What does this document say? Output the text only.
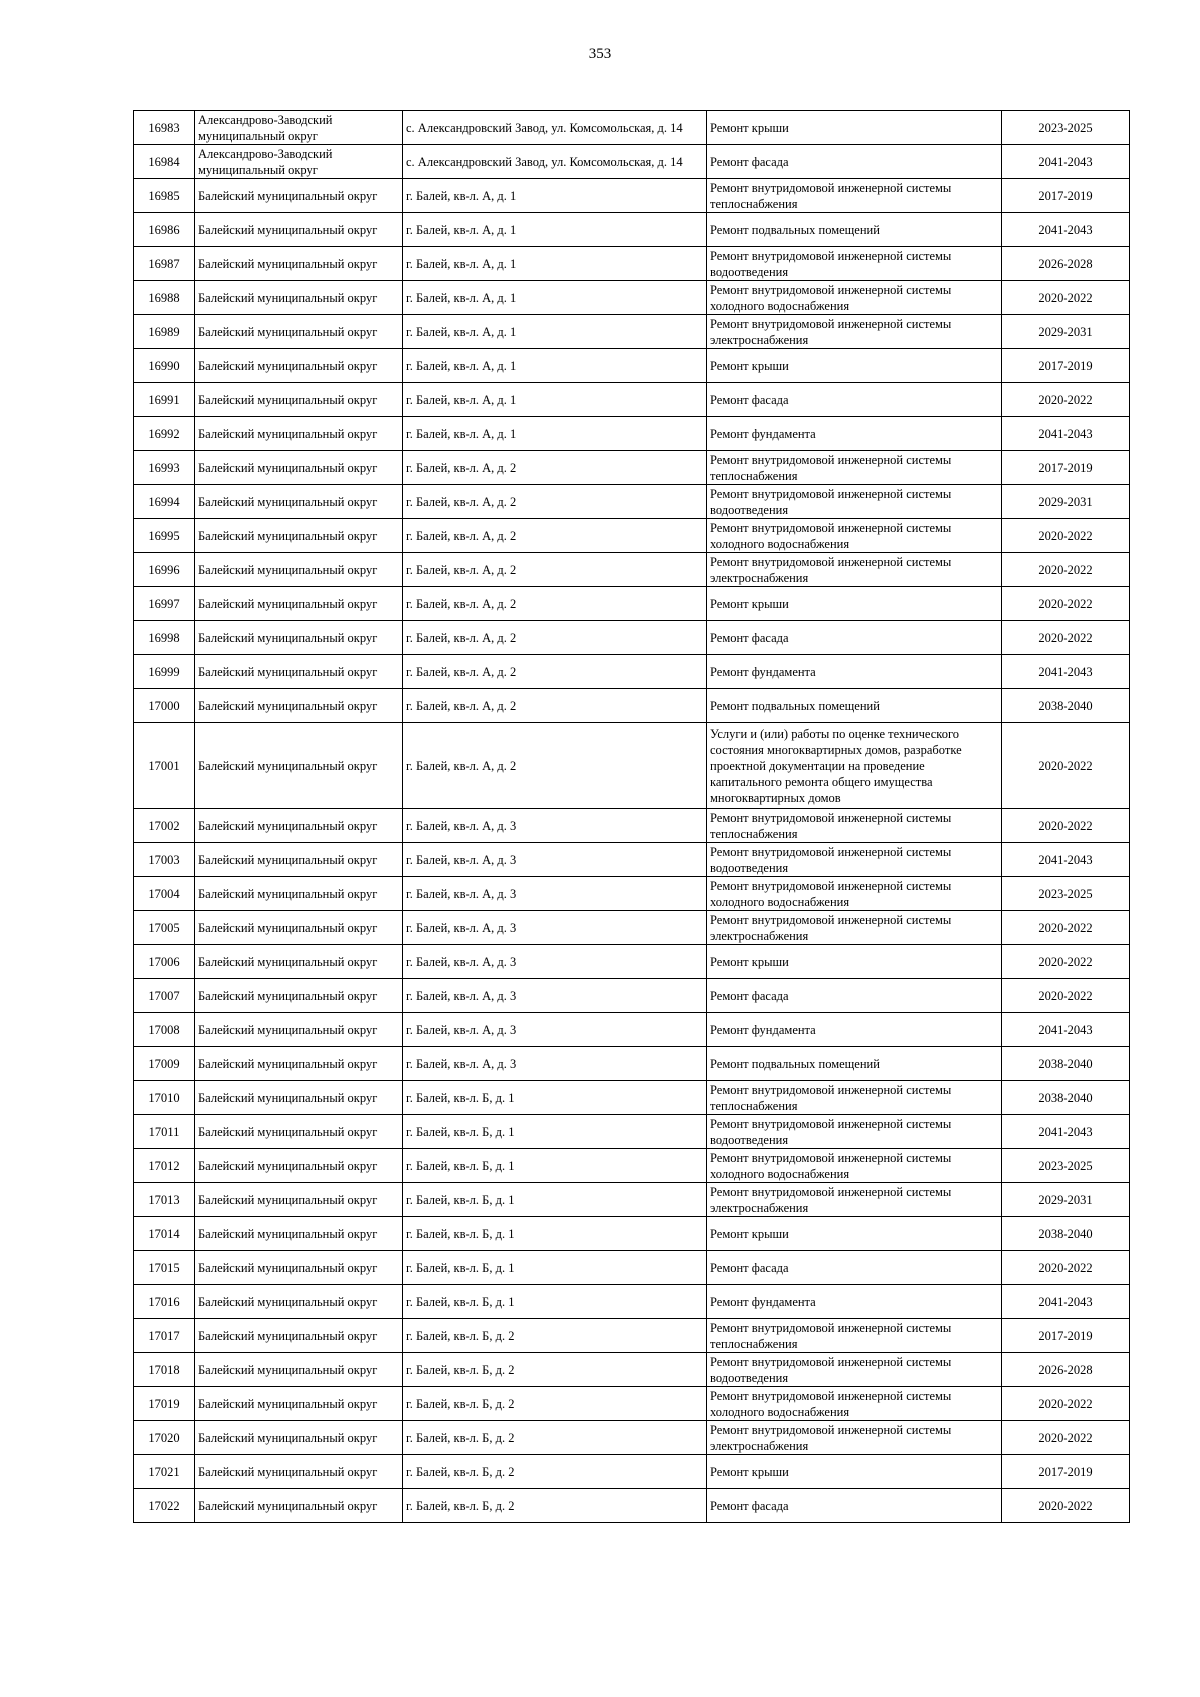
353
16983	Александрово-Заводский муниципальный округ	с. Александровский Завод, ул. Комсомольская, д. 14	Ремонт крыши	2023-2025
16984	Александрово-Заводский муниципальный округ	с. Александровский Завод, ул. Комсомольская, д. 14	Ремонт фасада	2041-2043
16985	Балейский муниципальный округ	г. Балей, кв-л. А, д. 1	Ремонт внутридомовой инженерной системы теплоснабжения	2017-2019
16986	Балейский муниципальный округ	г. Балей, кв-л. А, д. 1	Ремонт подвальных помещений	2041-2043
16987	Балейский муниципальный округ	г. Балей, кв-л. А, д. 1	Ремонт внутридомовой инженерной системы водоотведения	2026-2028
16988	Балейский муниципальный округ	г. Балей, кв-л. А, д. 1	Ремонт внутридомовой инженерной системы холодного водоснабжения	2020-2022
16989	Балейский муниципальный округ	г. Балей, кв-л. А, д. 1	Ремонт внутридомовой инженерной системы электроснабжения	2029-2031
16990	Балейский муниципальный округ	г. Балей, кв-л. А, д. 1	Ремонт крыши	2017-2019
16991	Балейский муниципальный округ	г. Балей, кв-л. А, д. 1	Ремонт фасада	2020-2022
16992	Балейский муниципальный округ	г. Балей, кв-л. А, д. 1	Ремонт фундамента	2041-2043
16993	Балейский муниципальный округ	г. Балей, кв-л. А, д. 2	Ремонт внутридомовой инженерной системы теплоснабжения	2017-2019
16994	Балейский муниципальный округ	г. Балей, кв-л. А, д. 2	Ремонт внутридомовой инженерной системы водоотведения	2029-2031
16995	Балейский муниципальный округ	г. Балей, кв-л. А, д. 2	Ремонт внутридомовой инженерной системы холодного водоснабжения	2020-2022
16996	Балейский муниципальный округ	г. Балей, кв-л. А, д. 2	Ремонт внутридомовой инженерной системы электроснабжения	2020-2022
16997	Балейский муниципальный округ	г. Балей, кв-л. А, д. 2	Ремонт крыши	2020-2022
16998	Балейский муниципальный округ	г. Балей, кв-л. А, д. 2	Ремонт фасада	2020-2022
16999	Балейский муниципальный округ	г. Балей, кв-л. А, д. 2	Ремонт фундамента	2041-2043
17000	Балейский муниципальный округ	г. Балей, кв-л. А, д. 2	Ремонт подвальных помещений	2038-2040
17001	Балейский муниципальный округ	г. Балей, кв-л. А, д. 2	Услуги и (или) работы по оценке технического состояния многоквартирных домов, разработке проектной документации на проведение капитального ремонта общего имущества многоквартирных домов	2020-2022
17002	Балейский муниципальный округ	г. Балей, кв-л. А, д. 3	Ремонт внутридомовой инженерной системы теплоснабжения	2020-2022
17003	Балейский муниципальный округ	г. Балей, кв-л. А, д. 3	Ремонт внутридомовой инженерной системы водоотведения	2041-2043
17004	Балейский муниципальный округ	г. Балей, кв-л. А, д. 3	Ремонт внутридомовой инженерной системы холодного водоснабжения	2023-2025
17005	Балейский муниципальный округ	г. Балей, кв-л. А, д. 3	Ремонт внутридомовой инженерной системы электроснабжения	2020-2022
17006	Балейский муниципальный округ	г. Балей, кв-л. А, д. 3	Ремонт крыши	2020-2022
17007	Балейский муниципальный округ	г. Балей, кв-л. А, д. 3	Ремонт фасада	2020-2022
17008	Балейский муниципальный округ	г. Балей, кв-л. А, д. 3	Ремонт фундамента	2041-2043
17009	Балейский муниципальный округ	г. Балей, кв-л. А, д. 3	Ремонт подвальных помещений	2038-2040
17010	Балейский муниципальный округ	г. Балей, кв-л. Б, д. 1	Ремонт внутридомовой инженерной системы теплоснабжения	2038-2040
17011	Балейский муниципальный округ	г. Балей, кв-л. Б, д. 1	Ремонт внутридомовой инженерной системы водоотведения	2041-2043
17012	Балейский муниципальный округ	г. Балей, кв-л. Б, д. 1	Ремонт внутридомовой инженерной системы холодного водоснабжения	2023-2025
17013	Балейский муниципальный округ	г. Балей, кв-л. Б, д. 1	Ремонт внутридомовой инженерной системы электроснабжения	2029-2031
17014	Балейский муниципальный округ	г. Балей, кв-л. Б, д. 1	Ремонт крыши	2038-2040
17015	Балейский муниципальный округ	г. Балей, кв-л. Б, д. 1	Ремонт фасада	2020-2022
17016	Балейский муниципальный округ	г. Балей, кв-л. Б, д. 1	Ремонт фундамента	2041-2043
17017	Балейский муниципальный округ	г. Балей, кв-л. Б, д. 2	Ремонт внутридомовой инженерной системы теплоснабжения	2017-2019
17018	Балейский муниципальный округ	г. Балей, кв-л. Б, д. 2	Ремонт внутридомовой инженерной системы водоотведения	2026-2028
17019	Балейский муниципальный округ	г. Балей, кв-л. Б, д. 2	Ремонт внутридомовой инженерной системы холодного водоснабжения	2020-2022
17020	Балейский муниципальный округ	г. Балей, кв-л. Б, д. 2	Ремонт внутридомовой инженерной системы электроснабжения	2020-2022
17021	Балейский муниципальный округ	г. Балей, кв-л. Б, д. 2	Ремонт крыши	2017-2019
17022	Балейский муниципальный округ	г. Балей, кв-л. Б, д. 2	Ремонт фасада	2020-2022
